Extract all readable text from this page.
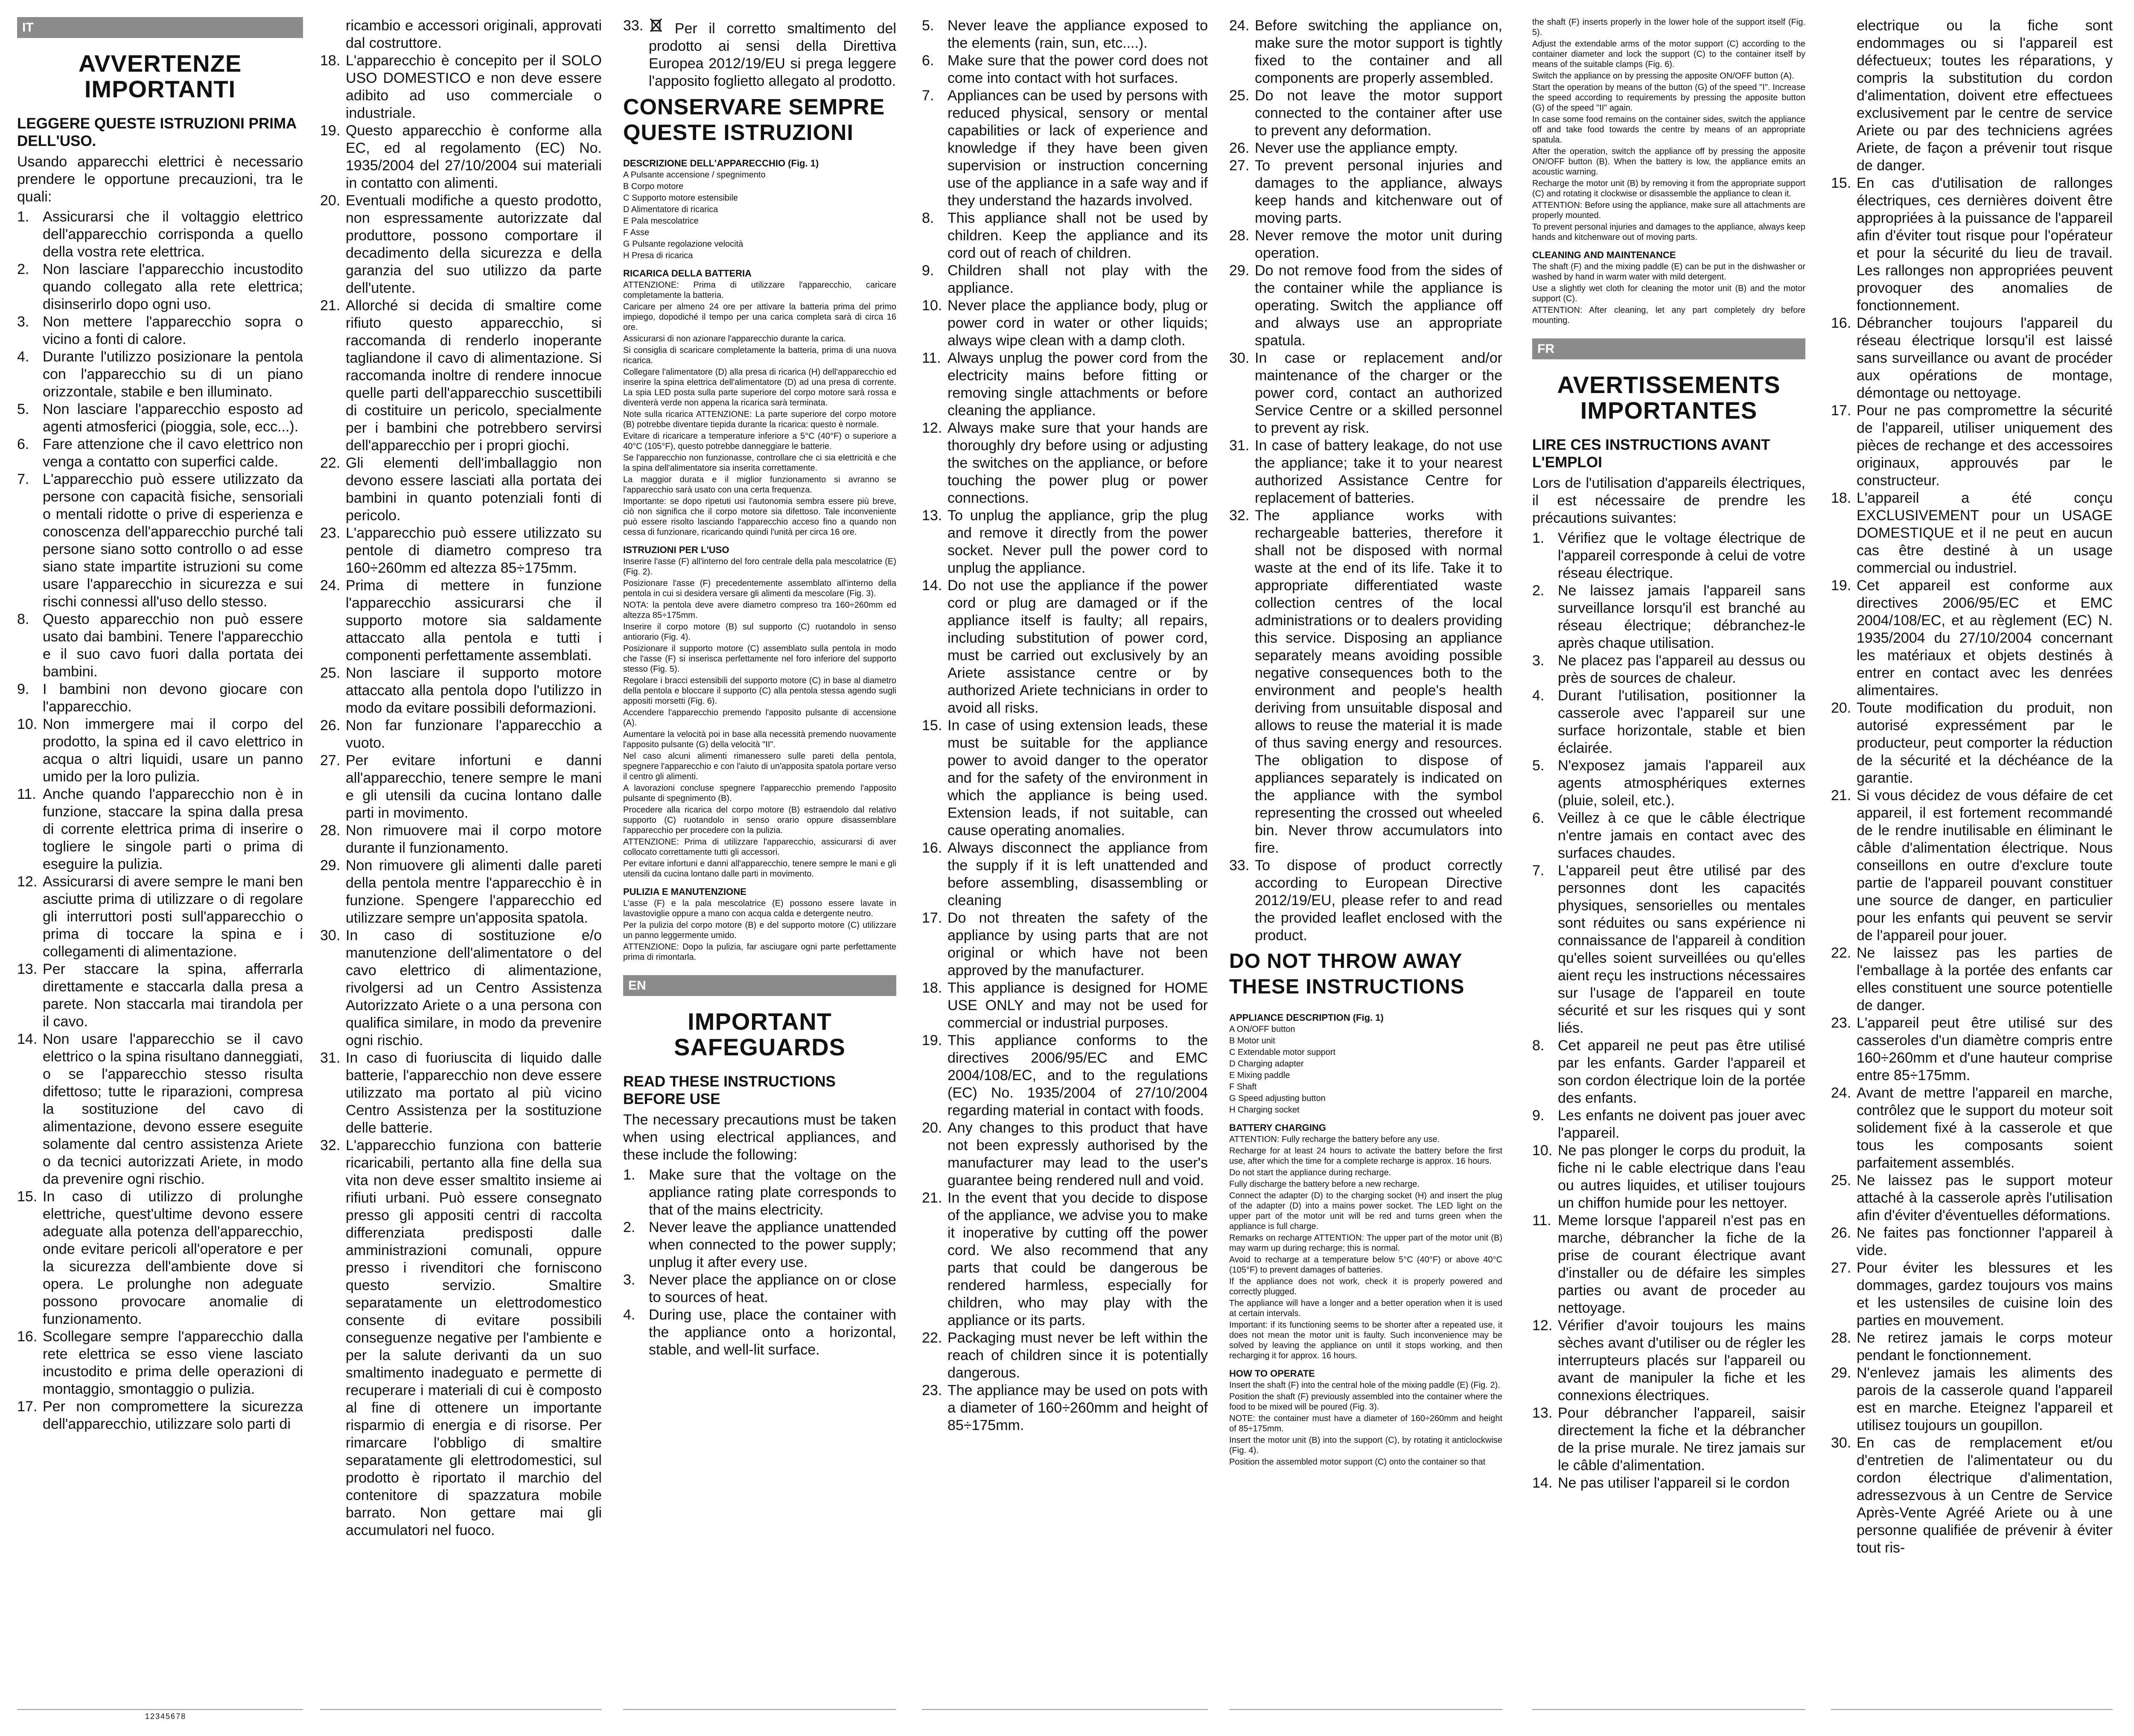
IT
AVVERTENZE IMPORTANTI
LEGGERE QUESTE ISTRUZIONI PRIMA DELL'USO.

Usando apparecchi elettrici è necessario prendere le opportune precauzioni, tra le quali:

1. Assicurarsi che il voltaggio elettrico dell'apparecchio corrisponda a quello della vostra rete elettrica.
2. Non lasciare l'apparecchio incustodito quando collegato alla rete elettrica; disinserirlo dopo ogni uso.
3. Non mettere l'apparecchio sopra o vicino a fonti di calore.
4. Durante l'utilizzo posizionare la pentola con l'apparecchio su di un piano orizzontale, stabile e ben illuminato.
5. Non lasciare l'apparecchio esposto ad agenti atmosferici (pioggia, sole, ecc...).
6. Fare attenzione che il cavo elettrico non venga a contatto con superfici calde.
7. L'apparecchio può essere utilizzato da persone con capacità fisiche, sensoriali o mentali ridotte o prive di esperienza e conoscenza dell'apparecchio purché tali persone siano sotto controllo o ad esse siano state impartite istruzioni su come usare l'apparecchio in sicurezza e sui rischi connessi all'uso dello stesso.
8. Questo apparecchio non può essere usato dai bambini. Tenere l'apparecchio e il suo cavo fuori dalla portata dei bambini.
9. I bambini non devono giocare con l'apparecchio.
10. Non immergere mai il corpo del prodotto, la spina ed il cavo elettrico in acqua o altri liquidi, usare un panno umido per la loro pulizia.
11. Anche quando l'apparecchio non è in funzione, staccare la spina dalla presa di corrente elettrica prima di inserire o togliere le singole parti o prima di eseguire la pulizia.
12. Assicurarsi di avere sempre le mani ben asciutte prima di utilizzare o di regolare gli interruttori posti sull'apparecchio o prima di toccare la spina e i collegamenti di alimentazione.
13. Per staccare la spina, afferrarla direttamente e staccarla dalla presa a parete. Non staccarla mai tirandola per il cavo.
14. Non usare l'apparecchio se il cavo elettrico o la spina risultano danneggiati, o se l'apparecchio stesso risulta difettoso; tutte le riparazioni, compresa la sostituzione del cavo di alimentazione, devono essere eseguite solamente dal centro assistenza Ariete o da tecnici autorizzati Ariete, in modo da prevenire ogni rischio.
15. In caso di utilizzo di prolunghe elettriche, quest'ultime devono essere adeguate alla potenza dell'apparecchio, onde evitare pericoli all'operatore e per la sicurezza dell'ambiente dove si opera. Le prolunghe non adeguate possono provocare anomalie di funzionamento.
16. Scollegare sempre l'apparecchio dalla rete elettrica se esso viene lasciato incustodito e prima delle operazioni di montaggio, smontaggio o pulizia.
17. Per non compromettere la sicurezza dell'apparecchio, utilizzare solo parti di
ricambio e accessori originali, approvati dal costruttore.
18. L'apparecchio è concepito per il SOLO USO DOMESTICO e non deve essere adibito ad uso commerciale o industriale.
19. Questo apparecchio è conforme alla EC, ed al regolamento (EC) No. 1935/2004 del 27/10/2004 sui materiali in contatto con alimenti.
20. Eventuali modifiche a questo prodotto, non espressamente autorizzate dal produttore, possono comportare il decadimento della sicurezza e della garanzia del suo utilizzo da parte dell'utente.
21. Allorché si decida di smaltire come rifiuto questo apparecchio, si raccomanda di renderlo inoperante tagliandone il cavo di alimentazione. Si raccomanda inoltre di rendere innocue quelle parti dell'apparecchio suscettibili di costituire un pericolo, specialmente per i bambini che potrebbero servirsi dell'apparecchio per i propri giochi.
22. Gli elementi dell'imballaggio non devono essere lasciati alla portata dei bambini in quanto potenziali fonti di pericolo.
23. L'apparecchio può essere utilizzato su pentole di diametro compreso tra 160÷260mm ed altezza 85÷175mm.
24. Prima di mettere in funzione l'apparecchio assicurarsi che il supporto motore sia saldamente attaccato alla pentola e tutti i componenti perfettamente assemblati.
25. Non lasciare il supporto motore attaccato alla pentola dopo l'utilizzo in modo da evitare possibili deformazioni.
26. Non far funzionare l'apparecchio a vuoto.
27. Per evitare infortuni e danni all'apparecchio, tenere sempre le mani e gli utensili da cucina lontano dalle parti in movimento.
28. Non rimuovere mai il corpo motore durante il funzionamento.
29. Non rimuovere gli alimenti dalle pareti della pentola mentre l'apparecchio è in funzione. Spengere l'apparecchio ed utilizzare sempre un'apposita spatola.
30. In caso di sostituzione e/o manutenzione dell'alimentatore o del cavo elettrico di alimentazione, rivolgersi ad un Centro Assistenza Autorizzato Ariete o a una persona con qualifica similare, in modo da prevenire ogni rischio.
31. In caso di fuoriuscita di liquido dalle batterie, l'apparecchio non deve essere utilizzato ma portato al più vicino Centro Assistenza per la sostituzione delle batterie.
32. L'apparecchio funziona con batterie ricaricabili, pertanto alla fine della sua vita non deve esser smaltito insieme ai rifiuti urbani. Può essere consegnato presso gli appositi centri di raccolta differenziata predisposti dalle amministrazioni comunali, oppure presso i rivenditori che forniscono questo servizio. Smaltire separatamente un elettrodomestico consente di evitare possibili conseguenze negative per l'ambiente e per la salute derivanti da un suo smaltimento inadeguato e permette di recuperare i materiali di cui è composto al fine di ottenere un importante risparmio di energia e di risorse. Per rimarcare l'obbligo di smaltire separatamente gli elettrodomestici, sul prodotto è riportato il marchio del contenitore di spazzatura mobile barrato. Non gettare mai gli accumulatori nel fuoco.
33.	Per il corretto smaltimento del prodotto ai sensi della Direttiva Europea 2012/19/EU si prega leggere l'apposito foglietto allegato al prodotto.
CONSERVARE SEMPRE QUESTE ISTRUZIONI

DESCRIZIONE DELL'APPARECCHIO (Fig. 1)

A Pulsante accensione / spegnimento

B Corpo motore

C Supporto motore estensibile

D Alimentatore di ricarica

E Pala mescolatrice

F Asse

G Pulsante regolazione velocità

H Presa di ricarica

RICARICA DELLA BATTERIA

ATTENZIONE: Prima di utilizzare l'apparecchio, caricare completamente la batteria.

Caricare per almeno 24 ore per attivare la batteria prima del primo impiego, dopodiché il tempo per una carica completa sarà di circa 16 ore.

Assicurarsi di non azionare l'apparecchio durante la carica.

Si consiglia di scaricare completamente la batteria, prima di una nuova ricarica.

Collegare l'alimentatore (D) alla presa di ricarica (H) dell'apparecchio ed inserire la spina elettrica dell'alimentatore (D) ad una presa di corrente. La spia LED posta sulla parte superiore del corpo motore sarà rossa e diventerà verde non appena la ricarica sarà terminata.

Note sulla ricarica ATTENZIONE: La parte superiore del corpo motore (B) potrebbe diventare tiepida durante la ricarica: questo è normale.

Evitare di ricaricare a temperature inferiore a 5°C (40°F) o superiore a 40°C (105°F), questo potrebbe danneggiare le batterie.

Se l'apparecchio non funzionasse, controllare che ci sia elettricità e che la spina dell'alimentatore sia inserita correttamente.

La maggior durata e il miglior funzionamento si avranno se l'apparecchio sarà usato con una certa frequenza.

Importante: se dopo ripetuti usi l'autonomia sembra essere più breve, ciò non significa che il corpo motore sia difettoso. Tale inconveniente può essere risolto lasciando l'apparecchio acceso fino a quando non cessa di funzionare, ricaricando quindi l'unità per circa 16 ore.

ISTRUZIONI PER L'USO

Inserire l'asse (F) all'interno del foro centrale della pala mescolatrice (E) (Fig. 2).

Posizionare l'asse (F) precedentemente assemblato all'interno della pentola in cui si desidera versare gli alimenti da mescolare (Fig. 3).

NOTA: la pentola deve avere diametro compreso tra 160÷260mm ed altezza 85÷175mm.

Inserire il corpo motore (B) sul supporto (C) ruotandolo in senso antiorario (Fig. 4).

Posizionare il supporto motore (C) assemblato sulla pentola in modo che l'asse (F) si inserisca perfettamente nel foro inferiore del supporto stesso (Fig. 5).

Regolare i bracci estensibili del supporto motore (C) in base al diametro della pentola e bloccare il supporto (C) alla pentola stessa agendo sugli appositi morsetti (Fig. 6).

Accendere l'apparecchio premendo l'apposito pulsante di accensione (A).

Aumentare la velocità poi in base alla necessità premendo nuovamente l'apposito pulsante (G) della velocità "II".

Nel caso alcuni alimenti rimanessero sulle pareti della pentola, spegnere l'apparecchio e con l'aiuto di un'apposita spatola portare verso il centro gli alimenti.

A lavorazioni concluse spegnere l'apparecchio premendo l'apposito pulsante di spegnimento (B).

Procedere alla ricarica del corpo motore (B) estraendolo dal relativo supporto (C) ruotandolo in senso orario oppure disassemblare l'apparecchio per procedere con la pulizia.

ATTENZIONE: Prima di utilizzare l'apparecchio, assicurarsi di aver collocato correttamente tutti gli accessori.

Per evitare infortuni e danni all'apparecchio, tenere sempre le mani e gli utensili da cucina lontano dalle parti in movimento.

PULIZIA E MANUTENZIONE

L'asse (F) e la pala mescolatrice (E) possono essere lavate in lavastoviglie oppure a mano con acqua calda e detergente neutro.

Per la pulizia del corpo motore (B) e del supporto motore (C) utilizzare un panno leggermente umido.

ATTENZIONE: Dopo la pulizia, far asciugare ogni parte perfettamente prima di rimontarla.

EN
IMPORTANT SAFEGUARDS
READ THESE INSTRUCTIONS BEFORE USE

The necessary precautions must be taken when using electrical appliances, and these include the following:

1. Make sure that the voltage on the appliance rating plate corresponds to that of the mains electricity.
2. Never leave the appliance unattended when connected to the power supply; unplug it after every use.
3. Never place the appliance on or close to sources of heat.
4. During use, place the container with the appliance onto a horizontal, stable, and well-lit surface.
5. Never leave the appliance exposed to the elements (rain, sun, etc....).
6. Make sure that the power cord does not come into contact with hot surfaces.
7. Appliances can be used by persons with reduced physical, sensory or mental capabilities or lack of experience and knowledge if they have been given supervision or instruction concerning use of the appliance in a safe way and if they understand the hazards involved.
8. This appliance shall not be used by children. Keep the appliance and its cord out of reach of children.
9. Children shall not play with the appliance.
10. Never place the appliance body, plug or power cord in water or other liquids; always wipe clean with a damp cloth.
11. Always unplug the power cord from the electricity mains before fitting or removing single attachments or before cleaning the appliance.
12. Always make sure that your hands are thoroughly dry before using or adjusting the switches on the appliance, or before touching the power plug or power connections.
13. To unplug the appliance, grip the plug and remove it directly from the power socket. Never pull the power cord to unplug the appliance.
14. Do not use the appliance if the power cord or plug are damaged or if the appliance itself is faulty; all repairs, including substitution of power cord, must be carried out exclusively by an Ariete assistance centre or by authorized Ariete technicians in order to avoid all risks.
15. In case of using extension leads, these must be suitable for the appliance power to avoid danger to the operator and for the safety of the environment in which the appliance is being used. Extension leads, if not suitable, can cause operating anomalies.
16. Always disconnect the appliance from the supply if it is left unattended and before assembling, disassembling or cleaning
17. Do not threaten the safety of the appliance by using parts that are not original or which have not been approved by the manufacturer.
18. This appliance is designed for HOME USE ONLY and may not be used for commercial or industrial purposes.
19. This appliance conforms to the directives 2006/95/EC and EMC 2004/108/EC, and to the regulations (EC) No. 1935/2004 of 27/10/2004 regarding material in contact with foods.
20. Any changes to this product that have not been expressly authorised by the manufacturer may lead to the user's guarantee being rendered null and void.
21. In the event that you decide to dispose of the appliance, we advise you to make it inoperative by cutting off the power cord. We also recommend that any parts that could be dangerous be rendered harmless, especially for children, who may play with the appliance or its parts.
22. Packaging must never be left within the reach of children since it is potentially dangerous.
23. The appliance may be used on pots with a diameter of 160÷260mm and height of 85÷175mm.
24. Before switching the appliance on, make sure the motor support is tightly fixed to the container and all components are properly assembled.
25. Do not leave the motor support connected to the container after use to prevent any deformation.
26. Never use the appliance empty.
27. To prevent personal injuries and damages to the appliance, always keep hands and kitchenware out of moving parts.
28. Never remove the motor unit during operation.
29. Do not remove food from the sides of the container while the appliance is operating. Switch the appliance off and always use an appropriate spatula.
30. In case or replacement and/or maintenance of the charger or the power cord, contact an authorized Service Centre or a skilled personnel to prevent ay risk.
31. In case of battery leakage, do not use the appliance; take it to your nearest authorized Assistance Centre for replacement of batteries.
32. The appliance works with rechargeable batteries, therefore it shall not be disposed with normal waste at the end of its life. Take it to appropriate differentiated waste collection centres of the local administrations or to dealers providing this service. Disposing an appliance separately means avoiding possible negative consequences both to the environment and people's health deriving from unsuitable disposal and allows to reuse the material it is made of thus saving energy and resources. The obligation to dispose of appliances separately is indicated on the appliance with the symbol representing the crossed out wheeled bin. Never throw accumulators into fire.
33. To dispose of product correctly according to European Directive 2012/19/EU, please refer to and read the provided leaflet enclosed with the product.
DO NOT THROW AWAY THESE INSTRUCTIONS

APPLIANCE DESCRIPTION (Fig. 1)

A ON/OFF button

B Motor unit

C Extendable motor support

D Charging adapter

E Mixing paddle

F Shaft

G Speed adjusting button

H Charging socket

BATTERY CHARGING

ATTENTION: Fully recharge the battery before any use.

Recharge for at least 24 hours to activate the battery before the first use, after which the time for a complete recharge is approx. 16 hours.

Do not start the appliance during recharge.

Fully discharge the battery before a new recharge.

Connect the adapter (D) to the charging socket (H) and insert the plug of the adapter (D) into a mains power socket. The LED light on the upper part of the motor unit will be red and turns green when the appliance is full charge.

Remarks on recharge ATTENTION: The upper part of the motor unit (B) may warm up during recharge; this is normal.

Avoid to recharge at a temperature below 5°C (40°F) or above 40°C (105°F) to prevent damages of batteries.

If the appliance does not work, check it is properly powered and correctly plugged.

The appliance will have a longer and a better operation when it is used at certain intervals.

Important: if its functioning seems to be shorter after a repeated use, it does not mean the motor unit is faulty. Such inconvenience may be solved by leaving the appliance on until it stops working, and then recharging it for approx. 16 hours.

HOW TO OPERATE

Insert the shaft (F) into the central hole of the mixing paddle (E) (Fig. 2).

Position the shaft (F) previously assembled into the container where the food to be mixed will be poured (Fig. 3).

NOTE: the container must have a diameter of 160÷260mm and height of 85÷175mm.

Insert the motor unit (B) into the support (C), by rotating it anticlockwise (Fig. 4).

Position the assembled motor support (C) onto the container so that

the shaft (F) inserts properly in the lower hole of the support itself (Fig. 5).

Adjust the extendable arms of the motor support (C) according to the container diameter and lock the support (C) to the container itself by means of the suitable clamps (Fig. 6).

Switch the appliance on by pressing the apposite ON/OFF button (A).

Start the operation by means of the button (G) of the speed "I". Increase the speed according to requirements by pressing the apposite button (G) of the speed "II" again.

In case some food remains on the container sides, switch the appliance off and take food towards the centre by means of an appropriate spatula.

After the operation, switch the appliance off by pressing the apposite ON/OFF button (B). When the battery is low, the appliance emits an acoustic warning.

Recharge the motor unit (B) by removing it from the appropriate support (C) and rotating it clockwise or disassemble the appliance to clean it.

ATTENTION: Before using the appliance, make sure all attachments are properly mounted.

To prevent personal injuries and damages to the appliance, always keep hands and kitchenware out of moving parts.

CLEANING AND MAINTENANCE

The shaft (F) and the mixing paddle (E) can be put in the dishwasher or washed by hand in warm water with mild detergent.

Use a slightly wet cloth for cleaning the motor unit (B) and the motor support (C).

ATTENTION: After cleaning, let any part completely dry before mounting.

FR
AVERTISSEMENTS IMPORTANTES
LIRE CES INSTRUCTIONS AVANT L'EMPLOI

Lors de l'utilisation d'appareils électriques, il est nécessaire de prendre les précautions suivantes:

1. Vérifiez que le voltage électrique de l'appareil corresponde à celui de votre réseau électrique.
2. Ne laissez jamais l'appareil sans surveillance lorsqu'il est branché au réseau électrique; débranchez-le après chaque utilisation.
3. Ne placez pas l'appareil au dessus ou près de sources de chaleur.
4. Durant l'utilisation, positionner la casserole avec l'appareil sur une surface horizontale, stable et bien éclairée.
5. N'exposez jamais l'appareil aux agents atmosphériques externes (pluie, soleil, etc.).
6. Veillez à ce que le câble électrique n'entre jamais en contact avec des surfaces chaudes.
7. L'appareil peut être utilisé par des personnes dont les capacités physiques, sensorielles ou mentales sont réduites ou sans expérience ni connaissance de l'appareil à condition qu'elles soient surveillées ou qu'elles aient reçu les instructions nécessaires sur l'usage de l'appareil en toute sécurité et sur les risques qui y sont liés.
8. Cet appareil ne peut pas être utilisé par les enfants. Garder l'appareil et son cordon électrique loin de la portée des enfants.
9. Les enfants ne doivent pas jouer avec l'appareil.
10. Ne pas plonger le corps du produit, la fiche ni le cable electrique dans l'eau ou autres liquides, et utiliser toujours un chiffon humide pour les nettoyer.
11. Meme lorsque l'appareil n'est pas en marche, débrancher la fiche de la prise de courant électrique avant d'installer ou de défaire les simples parties ou avant de proceder au nettoyage.
12. Vérifier d'avoir toujours les mains sèches avant d'utiliser ou de régler les interrupteurs placés sur l'appareil ou avant de manipuler la fiche et les connexions électriques.
13. Pour débrancher l'appareil, saisir directement la fiche et la débrancher de la prise murale. Ne tirez jamais sur le câble d'alimentation.
14. Ne pas utiliser l'appareil si le cordon
electrique ou la fiche sont endommages ou si l'appareil est défectueux; toutes les réparations, y compris la substitution du cordon d'alimentation, doivent etre effectuees exclusivement par le centre de service Ariete ou par des techniciens agrées Ariete, de façon a prévenir tout risque de danger.
15. En cas d'utilisation de rallonges électriques, ces dernières doivent être appropriées à la puissance de l'appareil afin d'éviter tout risque pour l'opérateur et pour la sécurité du lieu de travail. Les rallonges non appropriées peuvent provoquer des anomalies de fonctionnement.
16. Débrancher toujours l'appareil du réseau électrique lorsqu'il est laissé sans surveillance ou avant de procéder aux opérations de montage, démontage ou nettoyage.
17. Pour ne pas compromettre la sécurité de l'appareil, utiliser uniquement des pièces de rechange et des accessoires originaux, approuvés par le constructeur.
18. L'appareil a été conçu EXCLUSIVEMENT pour un USAGE DOMESTIQUE et il ne peut en aucun cas être destiné à un usage commercial ou industriel.
19. Cet appareil est conforme aux directives 2006/95/EC et EMC 2004/108/EC, et au règlement (EC) N. 1935/2004 du 27/10/2004 concernant les matériaux et objets destinés à entrer en contact avec les denrées alimentaires.
20. Toute modification du produit, non autorisé expressément par le producteur, peut comporter la réduction de la sécurité et la déchéance de la garantie.
21. Si vous décidez de vous défaire de cet appareil, il est fortement recommandé de le rendre inutilisable en éliminant le câble d'alimentation électrique. Nous conseillons en outre d'exclure toute partie de l'appareil pouvant constituer une source de danger, en particulier pour les enfants qui peuvent se servir de l'appareil pour jouer.
22. Ne laissez pas les parties de l'emballage à la portée des enfants car elles constituent une source potentielle de danger.
23. L'appareil peut être utilisé sur des casseroles d'un diamètre compris entre 160÷260mm et d'une hauteur comprise entre 85÷175mm.
24. Avant de mettre l'appareil en marche, contrôlez que le support du moteur soit solidement fixé à la casserole et que tous les composants soient parfaitement assemblés.
25. Ne laissez pas le support moteur attaché à la casserole après l'utilisation afin d'éviter d'éventuelles déformations.
26. Ne faites pas fonctionner l'appareil à vide.
27. Pour éviter les blessures et les dommages, gardez toujours vos mains et les ustensiles de cuisine loin des parties en mouvement.
28. Ne retirez jamais le corps moteur pendant le fonctionnement.
29. N'enlevez jamais les aliments des parois de la casserole quand l'appareil est en marche. Eteignez l'appareil et utilisez toujours un goupillon.
30. En cas de remplacement et/ou d'entretien de l'alimentateur ou du cordon électrique d'alimentation, adressezvous à un Centre de Service Après-Vente Agréé Ariete ou à une personne qualifiée de prévenir à éviter tout ris-
12345678
